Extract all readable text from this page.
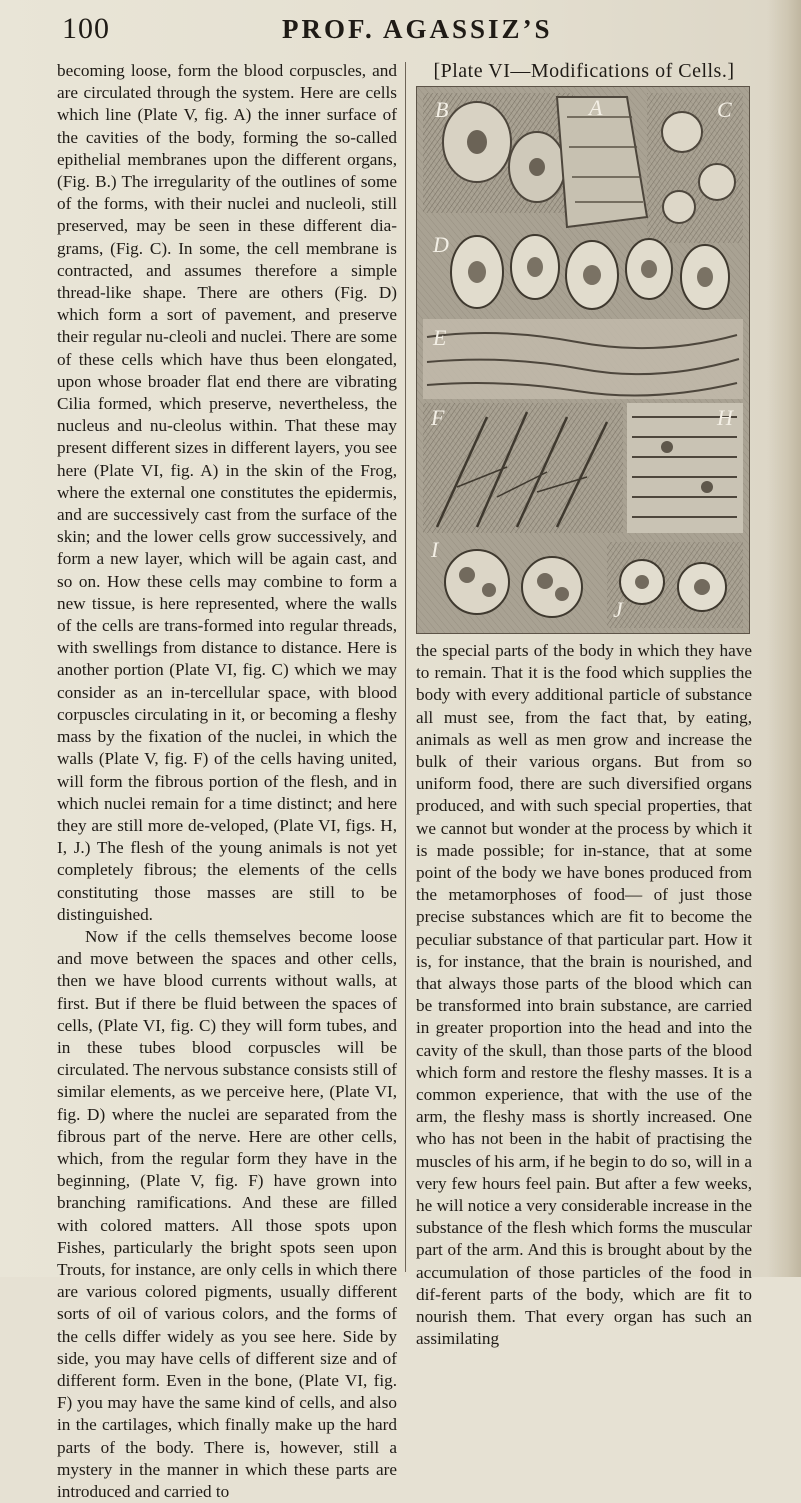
100	PROF. AGASSIZ’S

becoming loose, form the blood corpuscles, and are circulated through the system. Here are cells which line (Plate V, fig. A) the inner surface of the cavities of the body, forming the so-called epithelial membranes upon the different organs, (Fig. B.) The irregularity of the outlines of some of the forms, with their nuclei and nucleoli, still preserved, may be seen in these different dia-grams, (Fig. C). In some, the cell membrane is contracted, and assumes therefore a simple thread-like shape. There are others (Fig. D) which form a sort of pavement, and preserve their regular nu-cleoli and nuclei. There are some of these cells which have thus been elongated, upon whose broader flat end there are vibrating Cilia formed, which preserve, nevertheless, the nucleus and nu-cleolus within. That these may present different sizes in different layers, you see here (Plate VI, fig. A) in the skin of the Frog, where the external one constitutes the epidermis, and are successively cast from the surface of the skin; and the lower cells grow successively, and form a new layer, which will be again cast, and so on. How these cells may combine to form a new tissue, is here represented, where the walls of the cells are trans-formed into regular threads, with swellings from distance to distance. Here is another portion (Plate VI, fig. C) which we may consider as an in-tercellular space, with blood corpuscles circulating in it, or becoming a fleshy mass by the fixation of the nuclei, in which the walls (Plate V, fig. F) of the cells having united, will form the fibrous portion of the flesh, and in which nuclei remain for a time distinct; and here they are still more de-veloped, (Plate VI, figs. H, I, J.) The flesh of the young animals is not yet completely fibrous; the elements of the cells constituting those masses are still to be distinguished.

Now if the cells themselves become loose and move between the spaces and other cells, then we have blood currents without walls, at first. But if there be fluid between the spaces of cells, (Plate VI, fig. C) they will form tubes, and in these tubes blood corpuscles will be circulated. The nervous substance consists still of similar elements, as we perceive here, (Plate VI, fig. D) where the nuclei are separated from the fibrous part of the nerve. Here are other cells, which, from the regular form they have in the beginning, (Plate V, fig. F) have grown into branching ramifications. And these are filled with colored matters. All those spots upon Fishes, particularly the bright spots seen upon Trouts, for instance, are only cells in which there are various colored pigments, usually different sorts of oil of various colors, and the forms of the cells differ widely as you see here. Side by side, you may have cells of different size and of different form. Even in the bone, (Plate VI, fig. F) you may have the same kind of cells, and also in the cartilages, which finally make up the hard parts of the body. There is, however, still a mystery in the manner in which these parts are introduced and carried to

[Plate VI—Modifications of Cells.]
B	A	C
D
E
F	H
I
J

the special parts of the body in which they have to remain. That it is the food which supplies the body with every additional particle of substance all must see, from the fact that, by eating, animals as well as men grow and increase the bulk of their various organs. But from so uniform food, there are such diversified organs produced, and with such special properties, that we cannot but wonder at the process by which it is made possible; for in-stance, that at some point of the body we have bones produced from the metamorphoses of food— of just those precise substances which are fit to become the peculiar substance of that particular part. How it is, for instance, that the brain is nourished, and that always those parts of the blood which can be transformed into brain substance, are carried in greater proportion into the head and into the cavity of the skull, than those parts of the blood which form and restore the fleshy masses. It is a common experience, that with the use of the arm, the fleshy mass is shortly increased. One who has not been in the habit of practising the muscles of his arm, if he begin to do so, will in a very few hours feel pain. But after a few weeks, he will notice a very considerable increase in the substance of the flesh which forms the muscular part of the arm. And this is brought about by the accumulation of those particles of the food in dif-ferent parts of the body, which are fit to nourish them. That every organ has such an assimilating
